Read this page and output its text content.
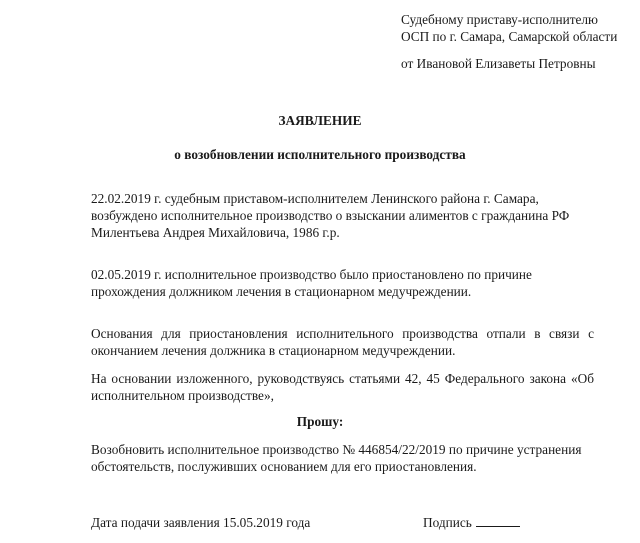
Судебному приставу-исполнителю
ОСП по г. Самара, Самарской области
от Ивановой Елизаветы Петровны
ЗАЯВЛЕНИЕ
о возобновлении исполнительного производства
22.02.2019 г. судебным приставом-исполнителем Ленинского района г. Самара,
возбуждено исполнительное производство о взыскании алиментов с гражданина РФ
Милентьева Андрея Михайловича, 1986 г.р.
02.05.2019 г. исполнительное производство было приостановлено по причине
прохождения должником лечения в стационарном медучреждении.
Основания для приостановления исполнительного производства отпали в связи с
окончанием лечения должника в стационарном медучреждении.
На основании изложенного, руководствуясь статьями 42, 45 Федерального закона «Об
исполнительном производстве»,
Прошу:
Возобновить исполнительное производство № 446854/22/2019 по причине устранения
обстоятельств, послуживших основанием для его приостановления.
Дата подачи заявления 15.05.2019 года	Подпись
